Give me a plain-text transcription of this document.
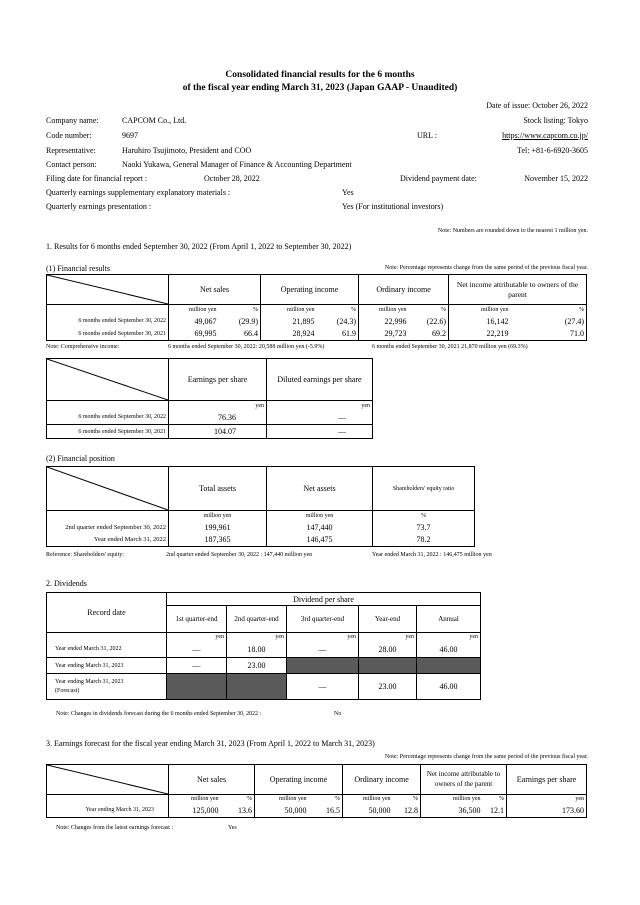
Consolidated financial results for the 6 months
of the fiscal year ending March 31, 2023 (Japan GAAP - Unaudited)
Date of issue: October 26, 2022
Company name:	CAPCOM Co., Ltd.	Stock listing: Tokyo
Code number:	9697	URL :	https://www.capcom.co.jp/
Representative:	Haruhiro Tsujimoto, President and COO	Tel: +81-6-6920-3605
Contact person:	Naoki Yukawa, General Manager of Finance & Accounting Department
Filing date for financial report :	October 28, 2022	Dividend payment date:	November 15, 2022
Quarterly earnings supplementary explanatory materials :	Yes
Quarterly earnings presentation :	Yes (For institutional investors)
Note: Numbers are rounded down to the nearest 1 million yen.
1. Results for 6 months ended September 30, 2022 (From April 1, 2022 to September 30, 2022)
(1) Financial results	Note: Percentage represents change from the same period of the previous fiscal year.
	Net sales		Operating income		Ordinary income		Net income attributable to owners of the parent	
	million yen	%	million yen	%	million yen	%	million yen	%
6 months ended September 30, 2022	49,067	(29.9)	21,895	(24.3)	22,996	(22.6)	16,142	(27.4)
6 months ended September 30, 2021	69,995	66.4	28,924	61.9	29,723	69.2	22,219	71.0
Note: Comprehensive income:	6 months ended September 30, 2022: 20,588 million yen (-5.9%)	6 months ended September 30, 2021 21,870 million yen (69.3%)
	Earnings per share	Diluted earnings per share
	yen	yen
6 months ended September 30, 2022	76.36	—
6 months ended September 30, 2021	104.07	—
(2) Financial position
	Total assets	Net assets	Shareholders' equity ratio
	million yen	million yen	%
2nd quarter ended September 30, 2022	199,961	147,440	73.7
Year ended March 31, 2022	187,365	146,475	78.2
Reference: Shareholders' equity:	2nd quarter ended September 30, 2022 : 147,440 million yen	Year ended March 31, 2022 : 146,475 million yen
2. Dividends
Record date	Dividend per share				
	1st quarter-end	2nd quarter-end	3rd quarter-end	Year-end	Annual
	yen	yen	yen	yen	yen
Year ended March 31, 2022	—	18.00	—	28.00	46.00
Year ending March 31, 2023	—	23.00			

Year ending March 31, 2023
(Forecast)			—	23.00	46.00
Note: Changes in dividends forecast during the 6 months ended September 30, 2022 :	No
3. Earnings forecast for the fiscal year ending March 31, 2023 (From April 1, 2022 to March 31, 2023)
Note: Percentage represents change from the same period of the previous fiscal year.
	Net sales		Operating income		Ordinary income		Net income attributable to owners of the parent		Earnings per share
	million yen	%	million yen	%	million yen	%	million yen	%	yen
Year ending March 31, 2023	125,000	13.6	50,000	16.5	50,000	12.8	36,500	12.1	173.60
Note: Changes from the latest earnings forecast :	Yes
